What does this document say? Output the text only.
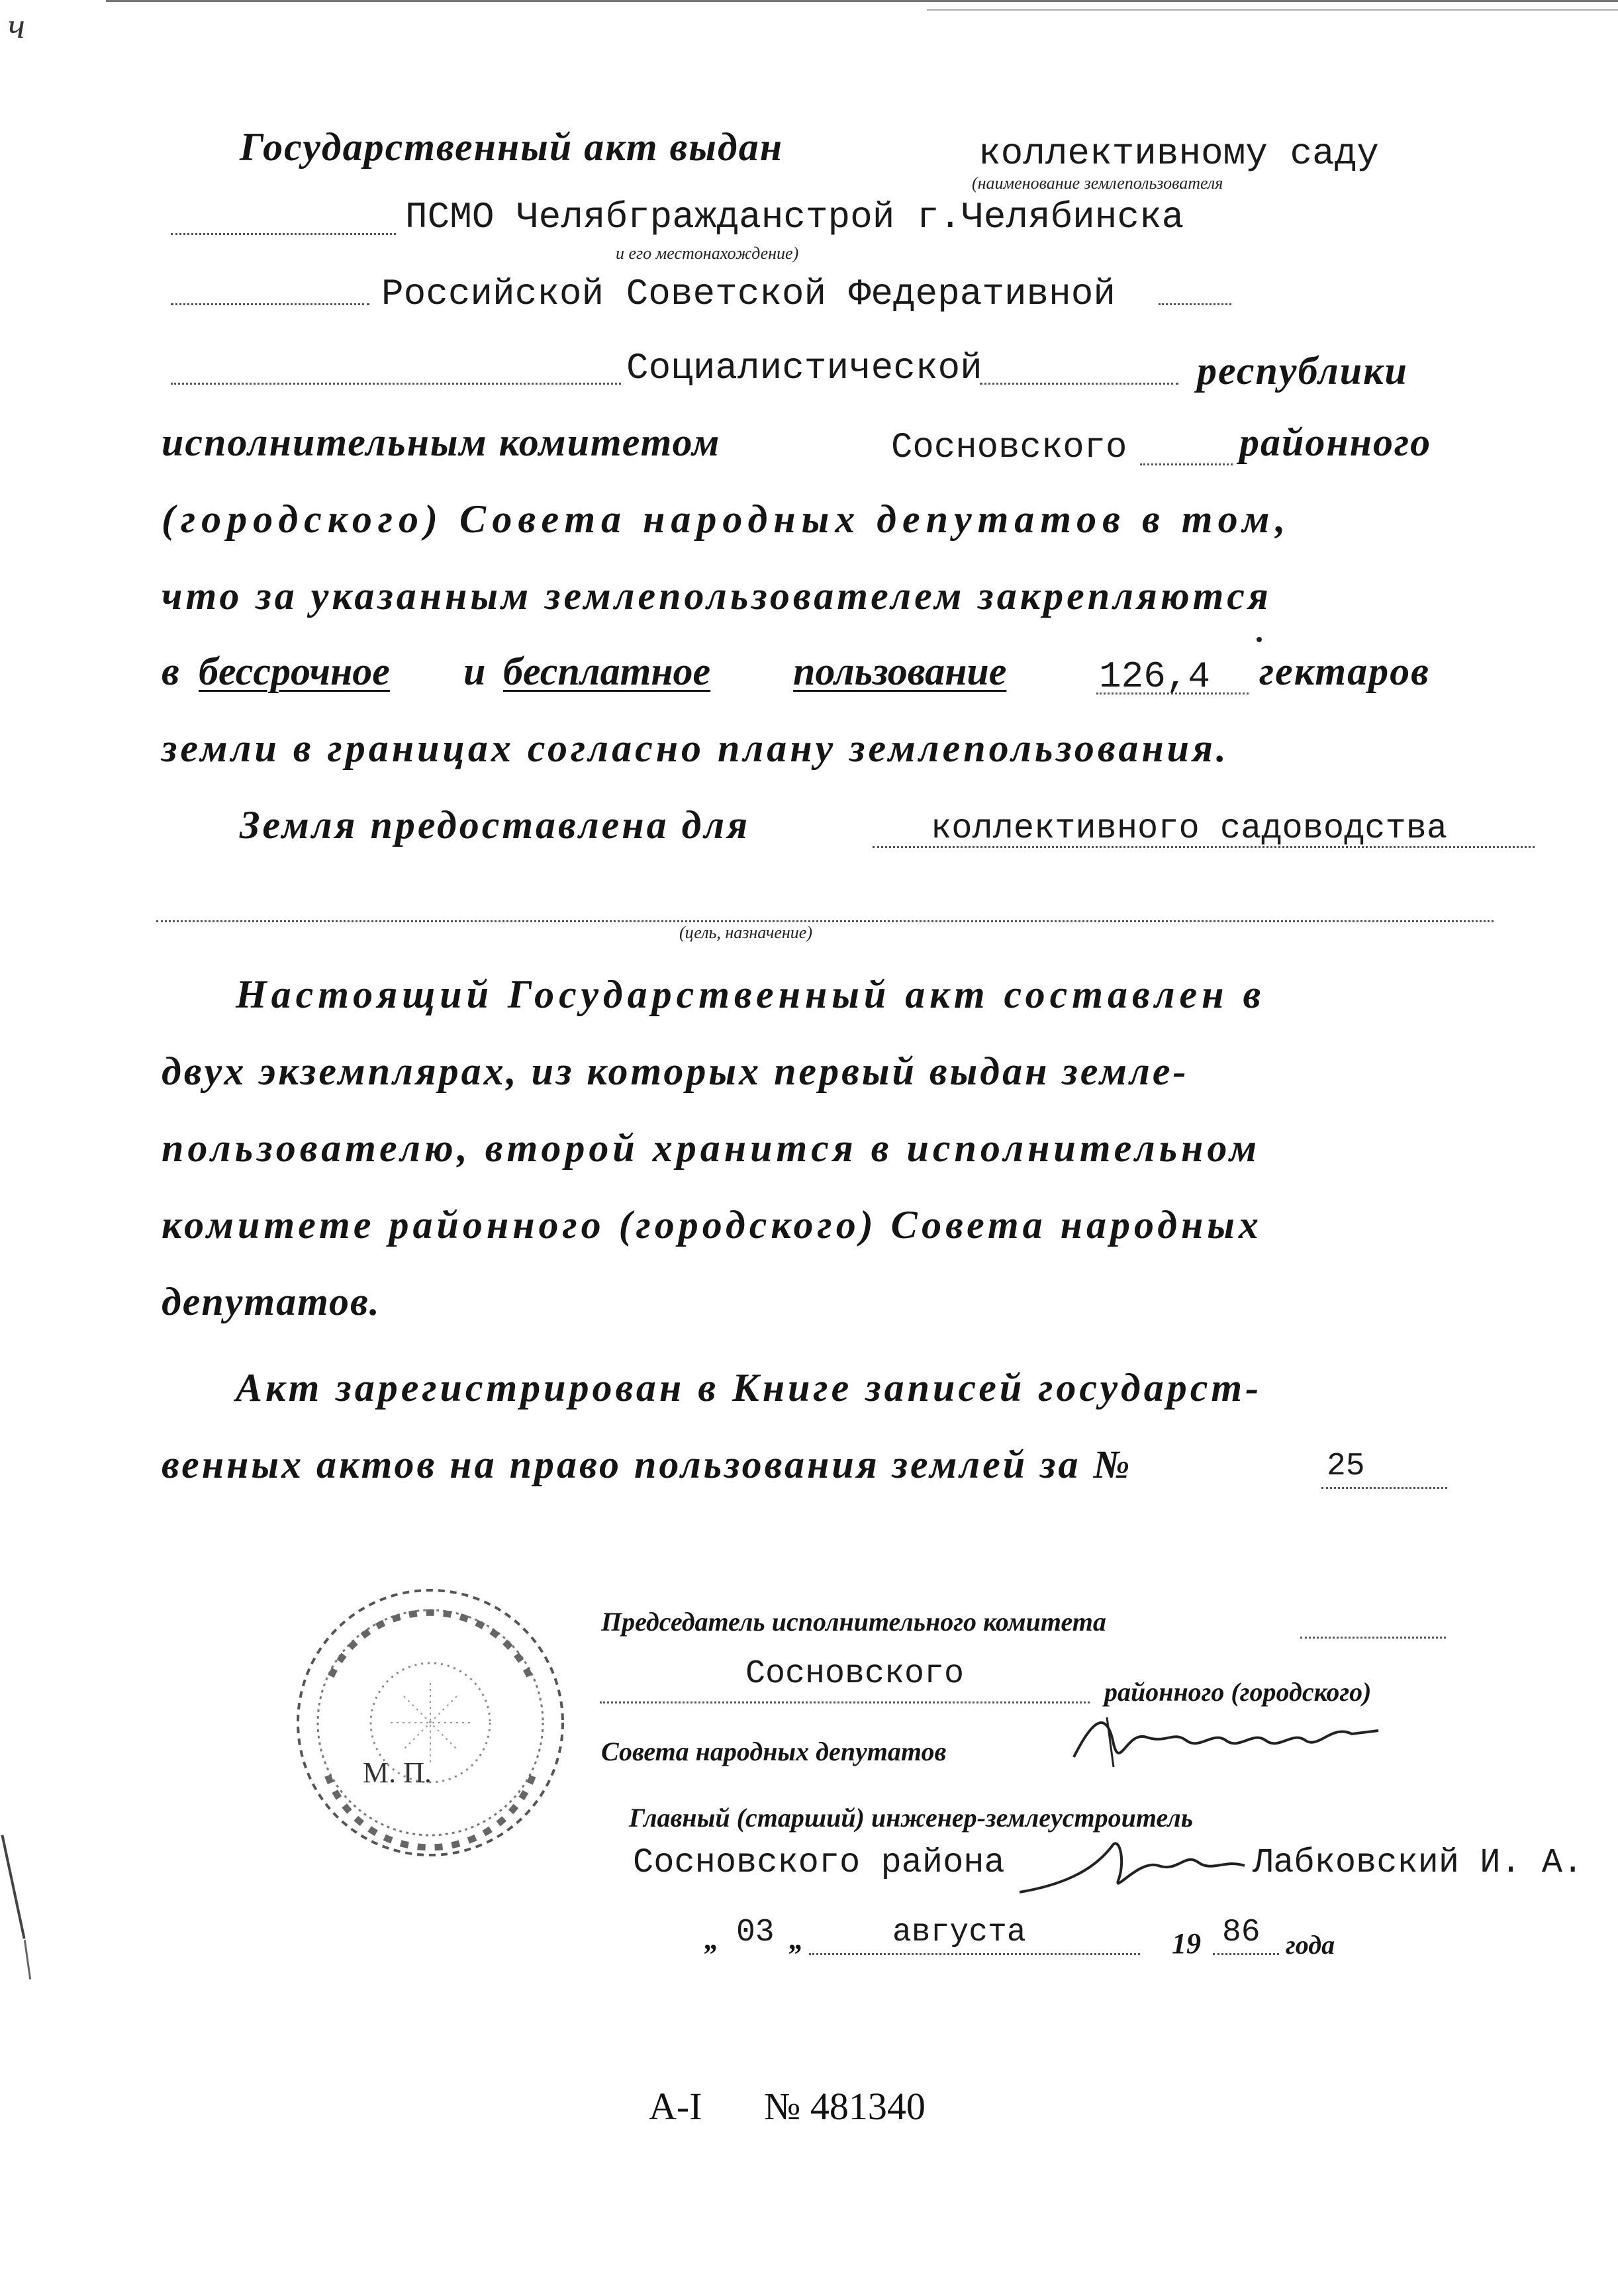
ч
Государственный акт выдан	коллективному саду
(наименование землепользователя
ПСМО Челябгражданстрой г.Челябинска
и его местонахождение)
Российской Советской Федеративной
Социалистической	республики
исполнительным комитетом	Сосновского	районного
(городского) Совета народных депутатов в том,
что за указанным землепользователем закрепляются
в бессрочное и бесплатное пользование 126,4 гектаров
земли в границах согласно плану землепользования.
Земля предоставлена для	коллективного садоводства
(цель, назначение)
Настоящий Государственный акт составлен в
двух экземплярах, из которых первый выдан земле-
пользователю, второй хранится в исполнительном
комитете районного (городского) Совета народных
депутатов.
Акт зарегистрирован в Книге записей государст-
венных актов на право пользования землей за №	25
М. П.
Председатель исполнительного комитета
Сосновского	районного (городского)
Совета народных депутатов
Главный (старший) инженер-землеустроитель
Сосновского района	Лабковский И. А.
„ 03 „	августа	19 86 года
А-I № 481340
